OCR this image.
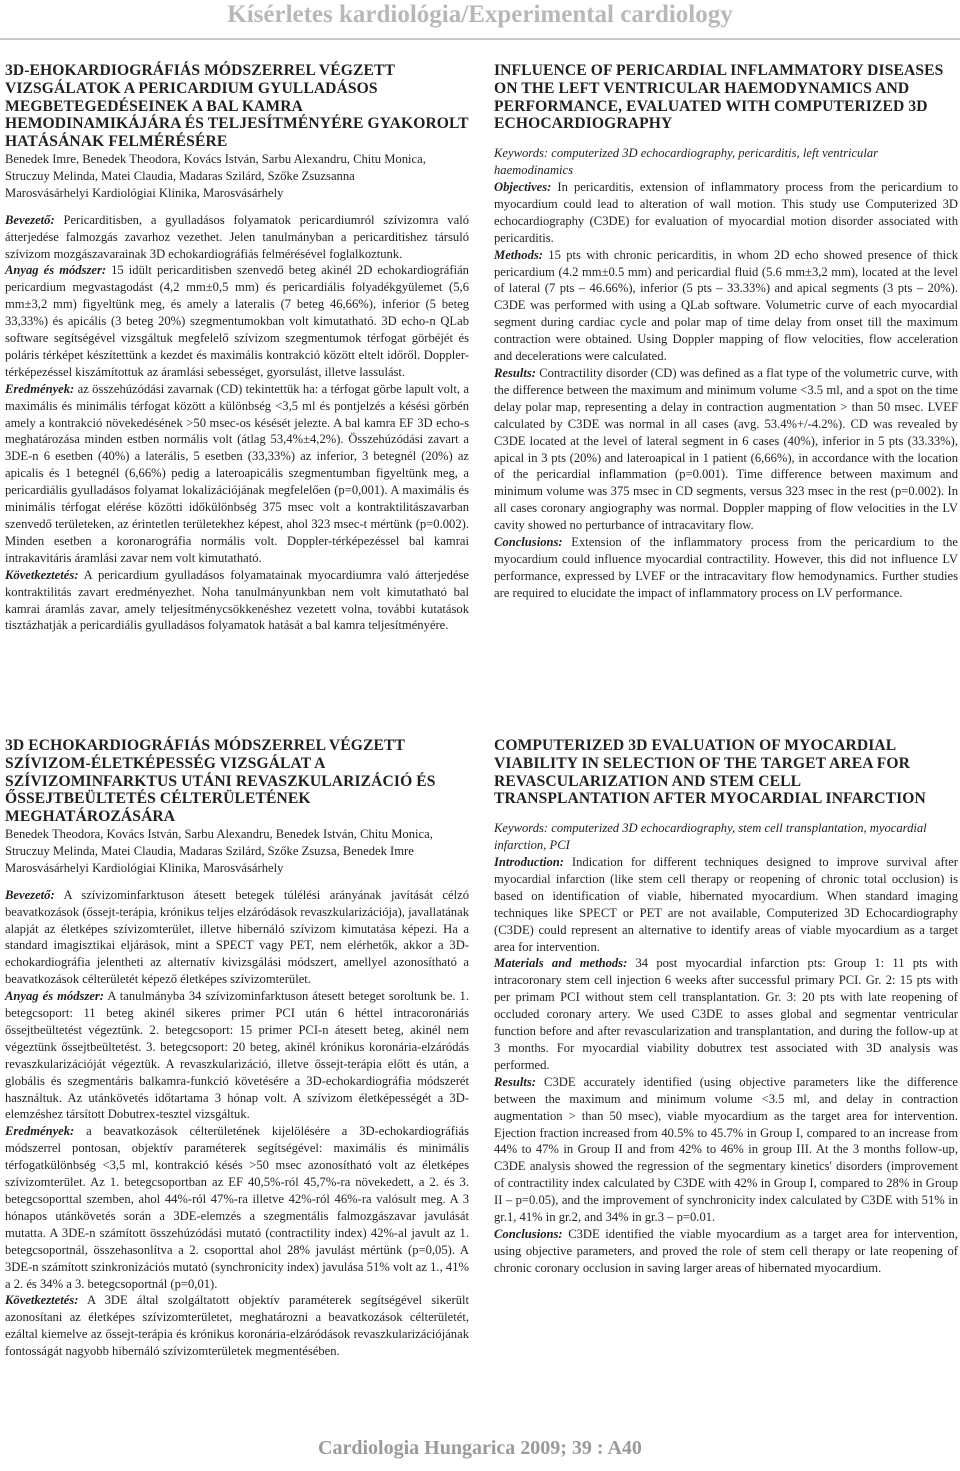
Kísérletes kardiológia/Experimental cardiology

3D-EHOKARDIOGRÁFIÁS MÓDSZERREL VÉGZETT VIZSGÁLATOK A PERICARDIUM GYULLADÁSOS MEGBETEGEDÉSEINEK A BAL KAMRA HEMODINAMIKÁJÁRA ÉS TELJESÍTMÉNYÉRE GYAKOROLT HATÁSÁNAK FELMÉRÉSÉRE

Benedek Imre, Benedek Theodora, Kovács István, Sarbu Alexandru, Chitu Monica, Struczuy Melinda, Matei Claudia, Madaras Szilárd, Szőke Zsuzsanna

Marosvásárhelyi Kardiológiai Klinika, Marosvásárhely

Bevezető: Pericarditisben, a gyulladásos folyamatok pericardiumról szívizomra való átterjedése falmozgás zavarhoz vezethet. Jelen tanulmányban a pericarditishez társuló szívizom mozgászavarainak 3D echokardiográfiás felmérésével foglalkoztunk.

Anyag és módszer: 15 idült pericarditisben szenvedő beteg akinél 2D echokardiográfián pericardium megvastagodást (4,2 mm±0,5 mm) és pericardiális folyadékgyülemet (5,6 mm±3,2 mm) figyeltünk meg, és amely a lateralis (7 beteg 46,66%), inferior (5 beteg 33,33%) és apicális (3 beteg 20%) szegmentumokban volt kimutatható. 3D echo-n QLab software segítségével vizsgáltuk megfelelő szívizom szegmentumok térfogat görbéjét és poláris térképet készítettünk a kezdet és maximális kontrakció között eltelt időről. Doppler-térképezéssel kiszámítottuk az áramlási sebességet, gyorsulást, illetve lassulást.

Eredmények: az összehúzódási zavarnak (CD) tekintettük ha: a térfogat görbe lapult volt, a maximális és minimális térfogat között a különbség <3,5 ml és pontjelzés a késési görbén amely a kontrakció növekedésének >50 msec-os késését jelezte. A bal kamra EF 3D echo-s meghatározása minden estben normális volt (átlag 53,4%±4,2%). Összehúzódási zavart a 3DE-n 6 esetben (40%) a laterális, 5 esetben (33,33%) az inferior, 3 betegnél (20%) az apicalis és 1 betegnél (6,66%) pedig a lateroapicális szegmentumban figyeltünk meg, a pericardiális gyulladásos folyamat lokalizációjának megfelelően (p=0,001). A maximális és minimális térfogat elérése közötti időkülönbség 375 msec volt a kontraktilitászavarban szenvedő területeken, az érintetlen területekhez képest, ahol 323 msec-t mértünk (p=0.002). Minden esetben a koronarográfia normális volt. Doppler-térképezéssel bal kamrai intrakavitáris áramlási zavar nem volt kimutatható.

Következtetés: A pericardium gyulladásos folyamatainak myocardiumra való átterjedése kontraktilitás zavart eredményezhet. Noha tanulmányunkban nem volt kimutatható bal kamrai áramlás zavar, amely teljesítménycsökkenéshez vezetett volna, további kutatások tisztázhatják a pericardiális gyulladásos folyamatok hatását a bal kamra teljesítményére.

INFLUENCE OF PERICARDIAL INFLAMMATORY DISEASES ON THE LEFT VENTRICULAR HAEMODYNAMICS AND PERFORMANCE, EVALUATED WITH COMPUTERIZED 3D ECHOCARDIOGRAPHY

Keywords: computerized 3D echocardiography, pericarditis, left ventricular haemodinamics

Objectives: In pericarditis, extension of inflammatory process from the pericardium to myocardium could lead to alteration of wall motion. This study use Computerized 3D echocardiography (C3DE) for evaluation of myocardial motion disorder associated with pericarditis.

Methods: 15 pts with chronic pericarditis, in whom 2D echo showed presence of thick pericardium (4.2 mm±0.5 mm) and pericardial fluid (5.6 mm±3,2 mm), located at the level of lateral (7 pts – 46.66%), inferior (5 pts – 33.33%) and apical segments (3 pts – 20%). C3DE was performed with using a QLab software. Volumetric curve of each myocardial segment during cardiac cycle and polar map of time delay from onset till the maximum contraction were obtained. Using Doppler mapping of flow velocities, flow acceleration and decelerations were calculated.

Results: Contractility disorder (CD) was defined as a flat type of the volumetric curve, with the difference between the maximum and minimum volume <3.5 ml, and a spot on the time delay polar map, representing a delay in contraction augmentation > than 50 msec. LVEF calculated by C3DE was normal in all cases (avg. 53.4%+/-4.2%). CD was revealed by C3DE located at the level of lateral segment in 6 cases (40%), inferior in 5 pts (33.33%), apical in 3 pts (20%) and lateroapical in 1 patient (6,66%), in accordance with the location of the pericardial inflammation (p=0.001). Time difference between maximum and minimum volume was 375 msec in CD segments, versus 323 msec in the rest (p=0.002). In all cases coronary angiography was normal. Doppler mapping of flow velocities in the LV cavity showed no perturbance of intracavitary flow.

Conclusions: Extension of the inflammatory process from the pericardium to the myocardium could influence myocardial contractility. However, this did not influence LV performance, expressed by LVEF or the intracavitary flow hemodynamics. Further studies are required to elucidate the impact of inflammatory process on LV performance.

3D ECHOKARDIOGRÁFIÁS MÓDSZERREL VÉGZETT SZÍVIZOM-ÉLETKÉPESSÉG VIZSGÁLAT A SZÍVIZOMINFARKTUS UTÁNI REVASZKULARIZÁCIÓ ÉS ŐSSEJTBEÜLTETÉS CÉLTERÜLETÉNEK MEGHATÁROZÁSÁRA

Benedek Theodora, Kovács István, Sarbu Alexandru, Benedek István, Chitu Monica, Struczuy Melinda, Matei Claudia, Madaras Szilárd, Szőke Zsuzsa, Benedek Imre

Marosvásárhelyi Kardiológiai Klinika, Marosvásárhely

Bevezető: A szívizominfarktuson átesett betegek túlélési arányának javítását célzó beavatkozások (őssejt-terápia, krónikus teljes elzáródások revaszkularizációja), javallatának alapját az életképes szívizomterület, illetve hibernáló szívizom kimutatása képezi. Ha a standard imagisztikai eljárások, mint a SPECT vagy PET, nem elérhetők, akkor a 3D-echokardiográfia jelentheti az alternatív kivizsgálási módszert, amellyel azonosítható a beavatkozások célterületét képező életképes szívizomterület.

Anyag és módszer: A tanulmányba 34 szívizominfarktuson átesett beteget soroltunk be. 1. betegcsoport: 11 beteg akinél sikeres primer PCI után 6 héttel intracoronáriás őssejtbeültetést végeztünk. 2. betegcsoport: 15 primer PCI-n átesett beteg, akinél nem végeztünk őssejtbeültetést. 3. betegcsoport: 20 beteg, akinél krónikus koronária-elzáródás revaszkularizációját végeztük. A revaszkularizáció, illetve őssejt-terápia előtt és után, a globális és szegmentáris balkamra-funkció követésére a 3D-echokardiográfia módszerét használtuk. Az utánkövetés időtartama 3 hónap volt. A szívizom életképességét a 3D-elemzéshez társított Dobutrex-tesztel vizsgáltuk.

Eredmények: a beavatkozások célterületének kijelölésére a 3D-echokardiográfiás módszerrel pontosan, objektív paraméterek segítségével: maximális és minimális térfogatkülönbség <3,5 ml, kontrakció késés >50 msec azonosítható volt az életképes szívizomterület. Az 1. betegcsoportban az EF 40,5%-ról 45,7%-ra növekedett, a 2. és 3. betegcsoporttal szemben, ahol 44%-ról 47%-ra illetve 42%-ról 46%-ra valósult meg. A 3 hónapos utánkövetés során a 3DE-elemzés a szegmentális falmozgászavar javulását mutatta. A 3DE-n számított összehúzódási mutató (contractility index) 42%-al javult az 1. betegcsoportnál, összehasonlítva a 2. csoporttal ahol 28% javulást mértünk (p=0,05). A 3DE-n számított szinkronizációs mutató (synchronicity index) javulása 51% volt az 1., 41% a 2. és 34% a 3. betegcsoportnál (p=0,01).

Következtetés: A 3DE által szolgáltatott objektív paraméterek segítségével sikerült azonosítani az életképes szívizomterületet, meghatározni a beavatkozások célterületét, ezáltal kiemelve az őssejt-terápia és krónikus koronária-elzáródások revaszkularizációjának fontosságát nagyobb hibernáló szívizomterületek megmentésében.

COMPUTERIZED 3D EVALUATION OF MYOCARDIAL VIABILITY IN SELECTION OF THE TARGET AREA FOR REVASCULARIZATION AND STEM CELL TRANSPLANTATION AFTER MYOCARDIAL INFARCTION

Keywords: computerized 3D echocardiography, stem cell transplantation, myocardial infarction, PCI

Introduction: Indication for different techniques designed to improve survival after myocardial infarction (like stem cell therapy or reopening of chronic total occlusion) is based on identification of viable, hibernated myocardium. When standard imaging techniques like SPECT or PET are not available, Computerized 3D Echocardiography (C3DE) could represent an alternative to identify areas of viable myocardium as a target area for intervention.

Materials and methods: 34 post myocardial infarction pts: Group 1: 11 pts with intracoronary stem cell injection 6 weeks after successful primary PCI. Gr. 2: 15 pts with per primam PCI without stem cell transplantation. Gr. 3: 20 pts with late reopening of occluded coronary artery. We used C3DE to asses global and segmentar ventricular function before and after revascularization and transplantation, and during the follow-up at 3 months. For myocardial viability dobutrex test associated with 3D analysis was performed.

Results: C3DE accurately identified (using objective parameters like the difference between the maximum and minimum volume <3.5 ml, and delay in contraction augmentation > than 50 msec), viable myocardium as the target area for intervention. Ejection fraction increased from 40.5% to 45.7% in Group I, compared to an increase from 44% to 47% in Group II and from 42% to 46% in group III. At the 3 months follow-up, C3DE analysis showed the regression of the segmentary kinetics' disorders (improvement of contractility index calculated by C3DE with 42% in Group I, compared to 28% in Group II – p=0.05), and the improvement of synchronicity index calculated by C3DE with 51% in gr.1, 41% in gr.2, and 34% in gr.3 – p=0.01.

Conclusions: C3DE identified the viable myocardium as a target area for intervention, using objective parameters, and proved the role of stem cell therapy or late reopening of chronic coronary occlusion in saving larger areas of hibernated myocardium.

Cardiologia Hungarica 2009; 39 : A40
